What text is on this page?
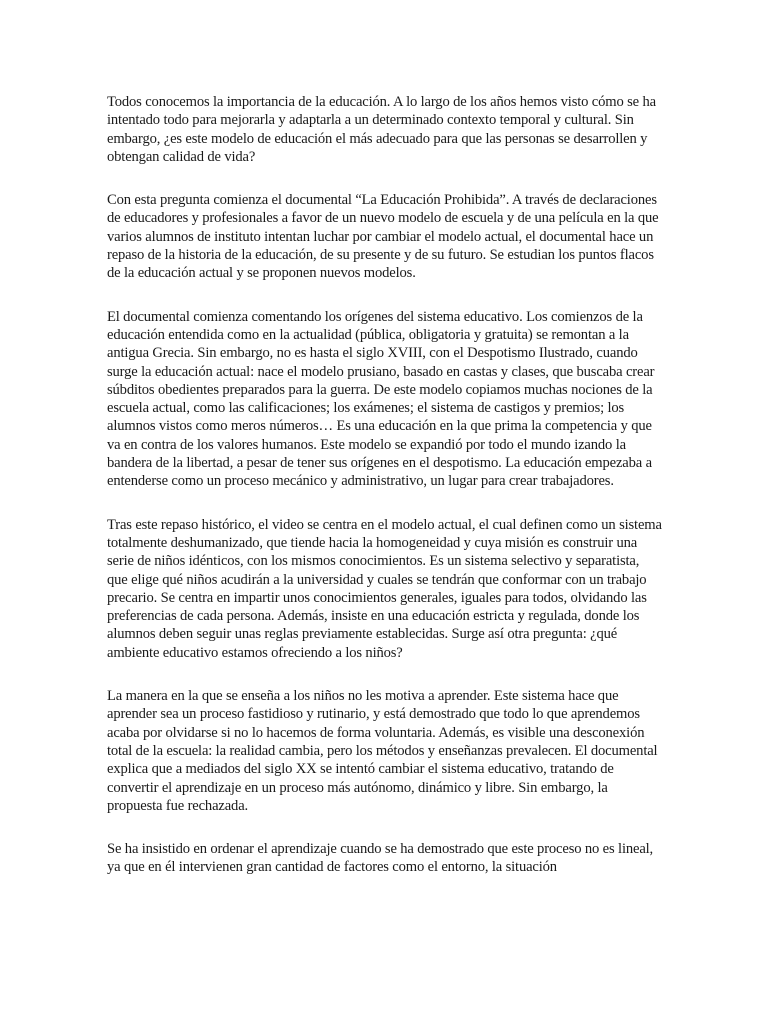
Todos conocemos la importancia de la educación. A lo largo de los años hemos visto cómo se ha intentado todo para mejorarla y adaptarla a un determinado contexto temporal y cultural. Sin embargo, ¿es este modelo de educación el más adecuado para que las personas se desarrollen y obtengan calidad de vida?

Con esta pregunta comienza el documental “La Educación Prohibida”. A través de declaraciones de educadores y profesionales a favor de un nuevo modelo de escuela y de una película en la que varios alumnos de instituto intentan luchar por cambiar el modelo actual, el documental hace un repaso de la historia de la educación, de su presente y de su futuro. Se estudian los puntos flacos de la educación actual y se proponen nuevos modelos.

El documental comienza comentando los orígenes del sistema educativo. Los comienzos de la educación entendida como en la actualidad (pública, obligatoria y gratuita) se remontan a la antigua Grecia. Sin embargo, no es hasta el siglo XVIII, con el Despotismo Ilustrado, cuando surge la educación actual: nace el modelo prusiano, basado en castas y clases, que buscaba crear súbditos obedientes preparados para la guerra. De este modelo copiamos muchas nociones de la escuela actual, como las calificaciones; los exámenes; el sistema de castigos y premios; los alumnos vistos como meros números… Es una educación en la que prima la competencia y que va en contra de los valores humanos. Este modelo se expandió por todo el mundo izando la bandera de la libertad, a pesar de tener sus orígenes en el despotismo. La educación empezaba a entenderse como un proceso mecánico y administrativo, un lugar para crear trabajadores.

Tras este repaso histórico, el video se centra en el modelo actual, el cual definen como un sistema totalmente deshumanizado, que tiende hacia la homogeneidad y cuya misión es construir una serie de niños idénticos, con los mismos conocimientos. Es un sistema selectivo y separatista, que elige qué niños acudirán a la universidad y cuales se tendrán que conformar con un trabajo precario. Se centra en impartir unos conocimientos generales, iguales para todos, olvidando las preferencias de cada persona. Además, insiste en una educación estricta y regulada, donde los alumnos deben seguir unas reglas previamente establecidas. Surge así otra pregunta: ¿qué ambiente educativo estamos ofreciendo a los niños?

La manera en la que se enseña a los niños no les motiva a aprender. Este sistema hace que aprender sea un proceso fastidioso y rutinario, y está demostrado que todo lo que aprendemos acaba por olvidarse si no lo hacemos de forma voluntaria. Además, es visible una desconexión total de la escuela: la realidad cambia, pero los métodos y enseñanzas prevalecen. El documental explica que a mediados del siglo XX se intentó cambiar el sistema educativo, tratando de convertir el aprendizaje en un proceso más autónomo, dinámico y libre. Sin embargo, la propuesta fue rechazada.

Se ha insistido en ordenar el aprendizaje cuando se ha demostrado que este proceso no es lineal, ya que en él intervienen gran cantidad de factores como el entorno, la situación
